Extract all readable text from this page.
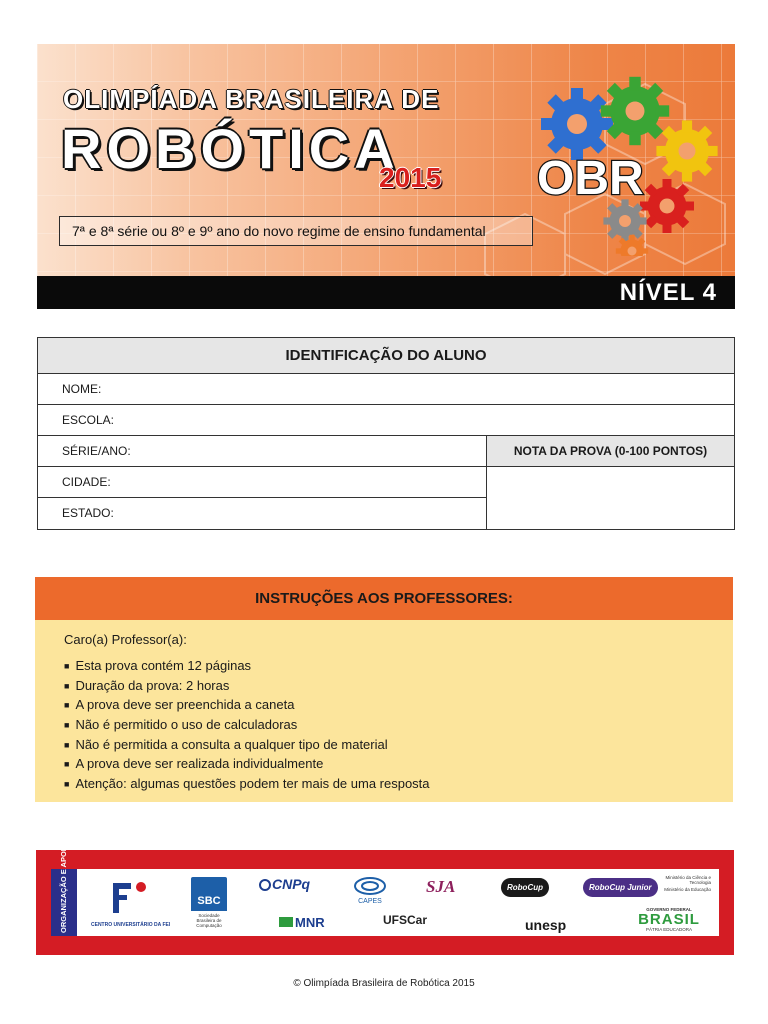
OLIMPÍADA BRASILEIRA DE
ROBÓTICA
2015
7ª e 8ª série ou 8º e 9º ano do novo regime de ensino fundamental
OBR
NÍVEL 4
IDENTIFICAÇÃO DO ALUNO
NOME:
ESCOLA:
SÉRIE/ANO:
CIDADE:
ESTADO:
NOTA DA PROVA (0-100 PONTOS)
INSTRUÇÕES AOS PROFESSORES:
Caro(a) Professor(a):
■ Esta prova contém 12 páginas
■ Duração da prova: 2 horas
■ A prova deve ser preenchida a caneta
■ Não é permitido o uso de calculadoras
■ Não é permitida a consulta a qualquer tipo de material
■ A prova deve ser realizada individualmente
■ Atenção: algumas questões podem ter mais de uma resposta
ORGANIZAÇÃO E APOIO	CENTRO UNIVERSITÁRIO DA FEI
SBC
Sociedade Brasileira de Computação
CNPq
MNR
CAPES
SJA
UFSCar
RoboCup
unesp
RoboCup Junior
Ministério da Ciência e Tecnologia
Ministério da Educação
GOVERNO FEDERAL
BRASIL
PÁTRIA EDUCADORA
© Olimpíada Brasileira de Robótica 2015
